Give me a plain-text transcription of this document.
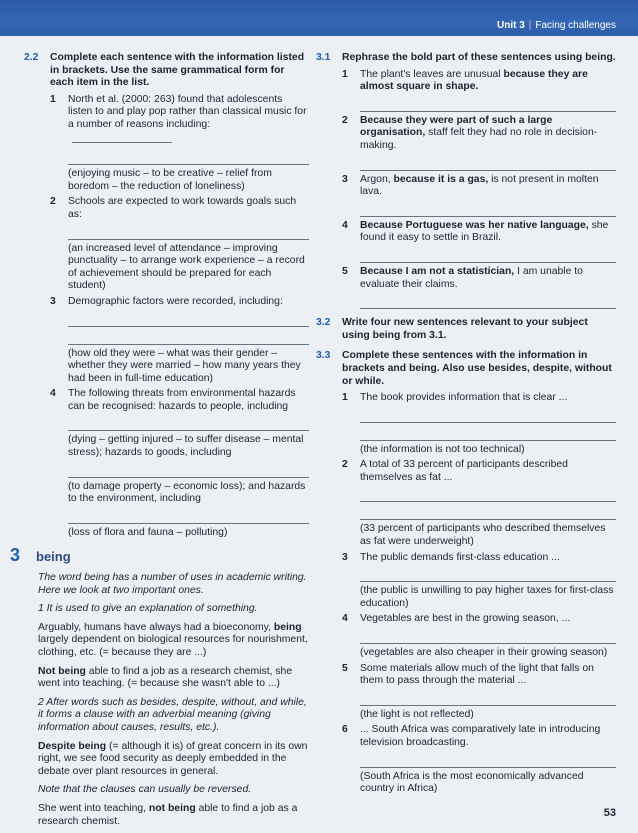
Unit 3 | Facing challenges
2.2 Complete each sentence with the information listed in brackets. Use the same grammatical form for each item in the list.
1 North et al. (2000: 263) found that adolescents listen to and play pop rather than classical music for a number of reasons including:
(enjoying music – to be creative – relief from boredom – the reduction of loneliness)
2 Schools are expected to work towards goals such as:
(an increased level of attendance – improving punctuality – to arrange work experience – a record of achievement should be prepared for each student)
3 Demographic factors were recorded, including:
(how old they were – what was their gender – whether they were married – how many years they had been in full-time education)
4 The following threats from environmental hazards can be recognised: hazards to people, including
(dying – getting injured – to suffer disease – mental stress); hazards to goods, including
(to damage property – economic loss); and hazards to the environment, including
(loss of flora and fauna – polluting)
3 being
The word being has a number of uses in academic writing. Here we look at two important ones.
1 It is used to give an explanation of something.
Arguably, humans have always had a bioeconomy, being largely dependent on biological resources for nourishment, clothing, etc. (= because they are ...)
Not being able to find a job as a research chemist, she went into teaching. (= because she wasn't able to ...)
2 After words such as besides, despite, without, and while, it forms a clause with an adverbial meaning (giving information about causes, results, etc.).
Despite being (= although it is) of great concern in its own right, we see food security as deeply embedded in the debate over plant resources in general.
Note that the clauses can usually be reversed.
She went into teaching, not being able to find a job as a research chemist.
3.1 Rephrase the bold part of these sentences using being.
1 The plant's leaves are unusual because they are almost square in shape.
2 Because they were part of such a large organisation, staff felt they had no role in decision-making.
3 Argon, because it is a gas, is not present in molten lava.
4 Because Portuguese was her native language, she found it easy to settle in Brazil.
5 Because I am not a statistician, I am unable to evaluate their claims.
3.2 Write four new sentences relevant to your subject using being from 3.1.
3.3 Complete these sentences with the information in brackets and being. Also use besides, despite, without or while.
1 The book provides information that is clear ...
(the information is not too technical)
2 A total of 33 percent of participants described themselves as fat ...
(33 percent of participants who described themselves as fat were underweight)
3 The public demands first-class education ...
(the public is unwilling to pay higher taxes for first-class education)
4 Vegetables are best in the growing season, ...
(vegetables are also cheaper in their growing season)
5 Some materials allow much of the light that falls on them to pass through the material ...
(the light is not reflected)
6 ... South Africa was comparatively late in introducing television broadcasting.
(South Africa is the most economically advanced country in Africa)
53
